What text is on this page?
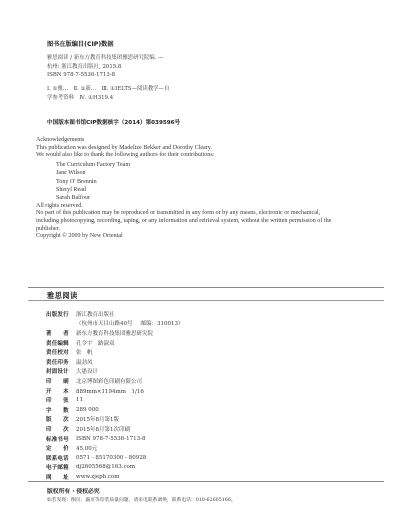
图书在版编目(CIP)数据
雅思阅读 / 新东方教育科技集团雅思研究院编. —
杭州: 浙江教育出版社, 2015.8
ISBN 978-7-5536-1713-8
Ⅰ. ①雅…　Ⅱ. ①新…　Ⅲ. ①IELTS—阅读教学—自
学参考资料　Ⅳ. ①H319.4
中国版本图书馆CIP数据核字（2014）第039596号

Acknowledgements

This publication was designed by Madelize Bekker and Dorothy Cleary.

We would also like to thank the following authors for their contributions:

The Curriculum Factory Team

Jane Wilson

Tony O' Brennin

Sheryl Read

Sarah Balfour

All rights reserved.

No part of this publication may be reproduced or transmitted in any form or by any means, electronic or mechanical,

including photocopying, recording, taping, or any information and retrieval system, without the written permission of the

publisher.

Copyright © 2009 by New Oriental

雅思阅读
出版发行	浙江教育出版社
（杭州市天目山路40号 邮编：310013）
著　　者	新东方教育科技集团雅思研究院
责任编辑	孔令宇　路淑双
责任校对	张　帆
责任印务	温劲风
封面设计	大愚设计
印　　刷	北京博图彩色印刷有限公司
开　　本	889mm×1194mm　1/16
印　　张	11
字　　数	289 000
版　　次	2015年8月第1版
印　　次	2015年8月第1次印刷
标准书号	ISBN 978-7-5536-1713-8
定　　价	45.00元
联系电话	0571 - 85170300 - 80928
电子邮箱	dj2605568@163.com
网　　址	www.zjeph.com
版权所有 · 侵权必究
如若发现：倒页、漏页等印装质量问题，请来电联系调换，联系电话：010-62605166。
